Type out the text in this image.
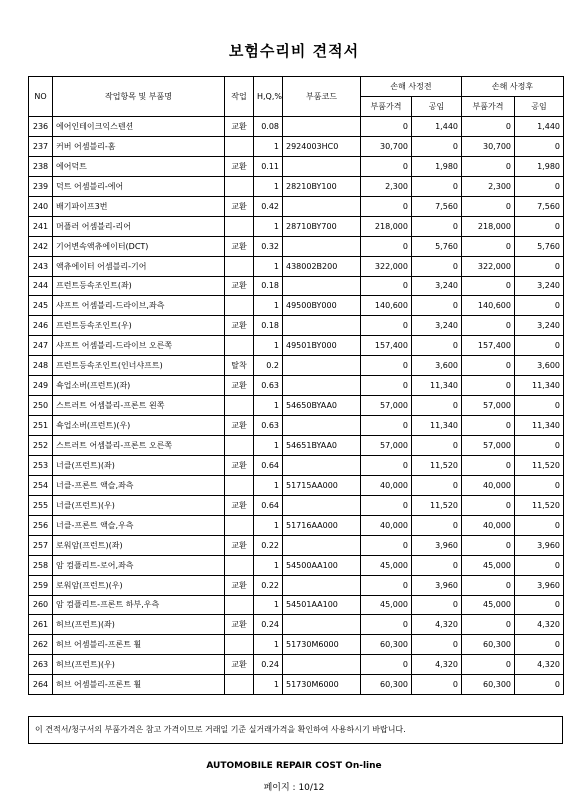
보험수리비 견적서
NO	작업항목 및 부품명	작업	H,Q,%	부품코드	손해 사정전		손해 사정후	
					부품가격	공임	부품가격	공임
236	에어인테이크익스텐션	교환	0.08		0	1,440	0	1,440
237	커버 어셈블리-홈		1	2924003HC0	30,700	0	30,700	0
238	에어덕트	교환	0.11		0	1,980	0	1,980
239	덕트 어셈블리-에어		1	28210BY100	2,300	0	2,300	0
240	배기파이프3번	교환	0.42		0	7,560	0	7,560
241	머플러 어셈블리-리어		1	28710BY700	218,000	0	218,000	0
242	기어변속액츄에이터(DCT)	교환	0.32		0	5,760	0	5,760
243	액츄에이터 어셈블리-기어		1	438002B200	322,000	0	322,000	0
244	프런트등속조인트(좌)	교환	0.18		0	3,240	0	3,240
245	샤프트 어셈블리-드라이브,좌측		1	49500BY000	140,600	0	140,600	0
246	프런트등속조인트(우)	교환	0.18		0	3,240	0	3,240
247	샤프트 어셈블리-드라이브 오른쪽		1	49501BY000	157,400	0	157,400	0
248	프런트등속조인트(인너샤프트)	탈착	0.2		0	3,600	0	3,600
249	쇽업소버(프런트)(좌)	교환	0.63		0	11,340	0	11,340
250	스트러트 어셈블리-프론트 왼쪽		1	54650BYAA0	57,000	0	57,000	0
251	쇽업소버(프런트)(우)	교환	0.63		0	11,340	0	11,340
252	스트러트 어셈블리-프론트 오른쪽		1	54651BYAA0	57,000	0	57,000	0
253	너클(프런트)(좌)	교환	0.64		0	11,520	0	11,520
254	너클-프론트 액슬,좌측		1	51715AA000	40,000	0	40,000	0
255	너클(프런트)(우)	교환	0.64		0	11,520	0	11,520
256	너클-프론트 액슬,우측		1	51716AA000	40,000	0	40,000	0
257	로워암(프런트)(좌)	교환	0.22		0	3,960	0	3,960
258	암 컴플리트-로어,좌측		1	54500AA100	45,000	0	45,000	0
259	로워암(프런트)(우)	교환	0.22		0	3,960	0	3,960
260	암 컴플리트-프론트 하부,우측		1	54501AA100	45,000	0	45,000	0
261	허브(프런트)(좌)	교환	0.24		0	4,320	0	4,320
262	허브 어셈블리-프론트 휠		1	51730M6000	60,300	0	60,300	0
263	허브(프런트)(우)	교환	0.24		0	4,320	0	4,320
264	허브 어셈블리-프론트 휠		1	51730M6000	60,300	0	60,300	0
이 견적서/청구서의 부품가격은 참고 가격이므로 거래일 기준 실거래가격을 확인하여 사용하시기 바랍니다.
AUTOMOBILE REPAIR COST On-line
페이지 : 10/12
